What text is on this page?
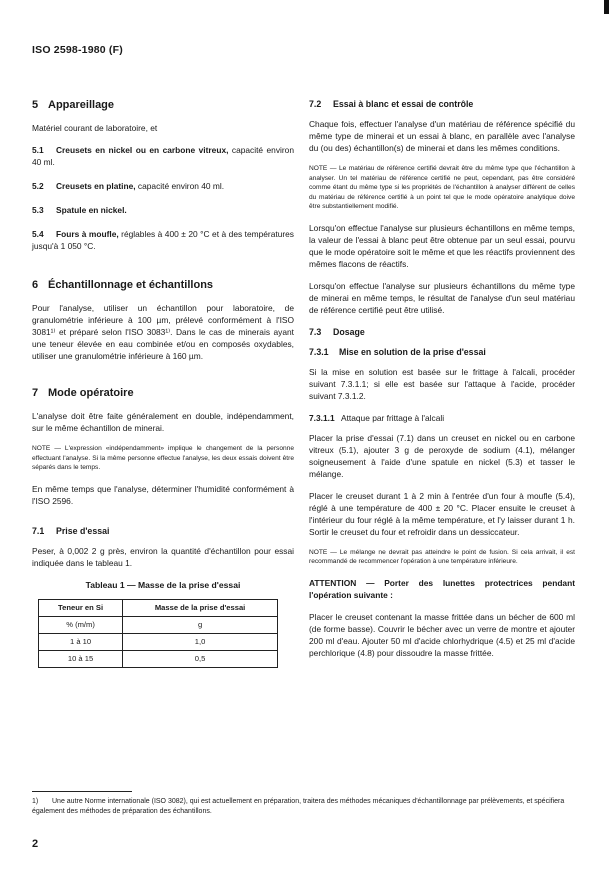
ISO 2598-1980 (F)
5 Appareillage

Matériel courant de laboratoire, et

5.1 Creusets en nickel ou en carbone vitreux, capacité environ 40 ml.
5.2 Creusets en platine, capacité environ 40 ml.
5.3 Spatule en nickel.
5.4 Fours à moufle, réglables à 400 ± 20 °C et à des températures jusqu'à 1 050 °C.
6 Échantillonnage et échantillons

Pour l'analyse, utiliser un échantillon pour laboratoire, de granulométrie inférieure à 100 µm, prélevé conformément à l'ISO 3081¹⁾ et préparé selon l'ISO 3083¹⁾. Dans le cas de minerais ayant une teneur élevée en eau combinée et/ou en composés oxydables, utiliser une granulométrie inférieure à 160 µm.

7 Mode opératoire

L'analyse doit être faite généralement en double, indépendamment, sur le même échantillon de minerai.

NOTE — L'expression «indépendamment» implique le changement de la personne effectuant l'analyse. Si la même personne effectue l'analyse, les deux essais doivent être séparés dans le temps.

En même temps que l'analyse, déterminer l'humidité conformément à l'ISO 2596.

7.1 Prise d'essai

Peser, à 0,002 2 g près, environ la quantité d'échantillon pour essai indiquée dans le tableau 1.

Tableau 1 — Masse de la prise d'essai
Teneur en Si	Masse de la prise d'essai
% (m/m)	g
1 à 10	1,0
10 à 15	0,5
7.2 Essai à blanc et essai de contrôle

Chaque fois, effectuer l'analyse d'un matériau de référence spécifié du même type de minerai et un essai à blanc, en parallèle avec l'analyse du (ou des) échantillon(s) de minerai et dans les mêmes conditions.

NOTE — Le matériau de référence certifié devrait être du même type que l'échantillon à analyser. Un tel matériau de référence certifié ne peut, cependant, pas être considéré comme étant du même type si les propriétés de l'échantillon à analyser différent de celles du matériau de référence certifié à un point tel que le mode opératoire analytique doive être substantiellement modifié.

Lorsqu'on effectue l'analyse sur plusieurs échantillons en même temps, la valeur de l'essai à blanc peut être obtenue par un seul essai, pourvu que le mode opératoire soit le même et que les réactifs proviennent des mêmes flacons de réactifs.

Lorsqu'on effectue l'analyse sur plusieurs échantillons du même type de minerai en même temps, le résultat de l'analyse d'un seul matériau de référence certifié peut être utilisé.

7.3 Dosage
7.3.1 Mise en solution de la prise d'essai

Si la mise en solution est basée sur le frittage à l'alcali, procéder suivant 7.3.1.1; si elle est basée sur l'attaque à l'acide, procéder suivant 7.3.1.2.

7.3.1.1 Attaque par frittage à l'alcali

Placer la prise d'essai (7.1) dans un creuset en nickel ou en carbone vitreux (5.1), ajouter 3 g de peroxyde de sodium (4.1), mélanger soigneusement à l'aide d'une spatule en nickel (5.3) et tasser le mélange.

Placer le creuset durant 1 à 2 min à l'entrée d'un four à moufle (5.4), réglé à une température de 400 ± 20 °C. Placer ensuite le creuset à l'intérieur du four réglé à la même température, et l'y laisser durant 1 h. Sortir le creuset du four et refroidir dans un dessiccateur.

NOTE — Le mélange ne devrait pas atteindre le point de fusion. Si cela arrivait, il est recommandé de recommencer l'opération à une température inférieure.

ATTENTION — Porter des lunettes protectrices pendant l'opération suivante :

Placer le creuset contenant la masse frittée dans un bécher de 600 ml (de forme basse). Couvrir le bécher avec un verre de montre et ajouter 200 ml d'eau. Ajouter 50 ml d'acide chlorhydrique (4.5) et 25 ml d'acide perchlorique (4.8) pour dissoudre la masse frittée.

1) Une autre Norme internationale (ISO 3082), qui est actuellement en préparation, traitera des méthodes mécaniques d'échantillonnage par prélèvements, et spécifiera également des méthodes de préparation des échantillons.
2
